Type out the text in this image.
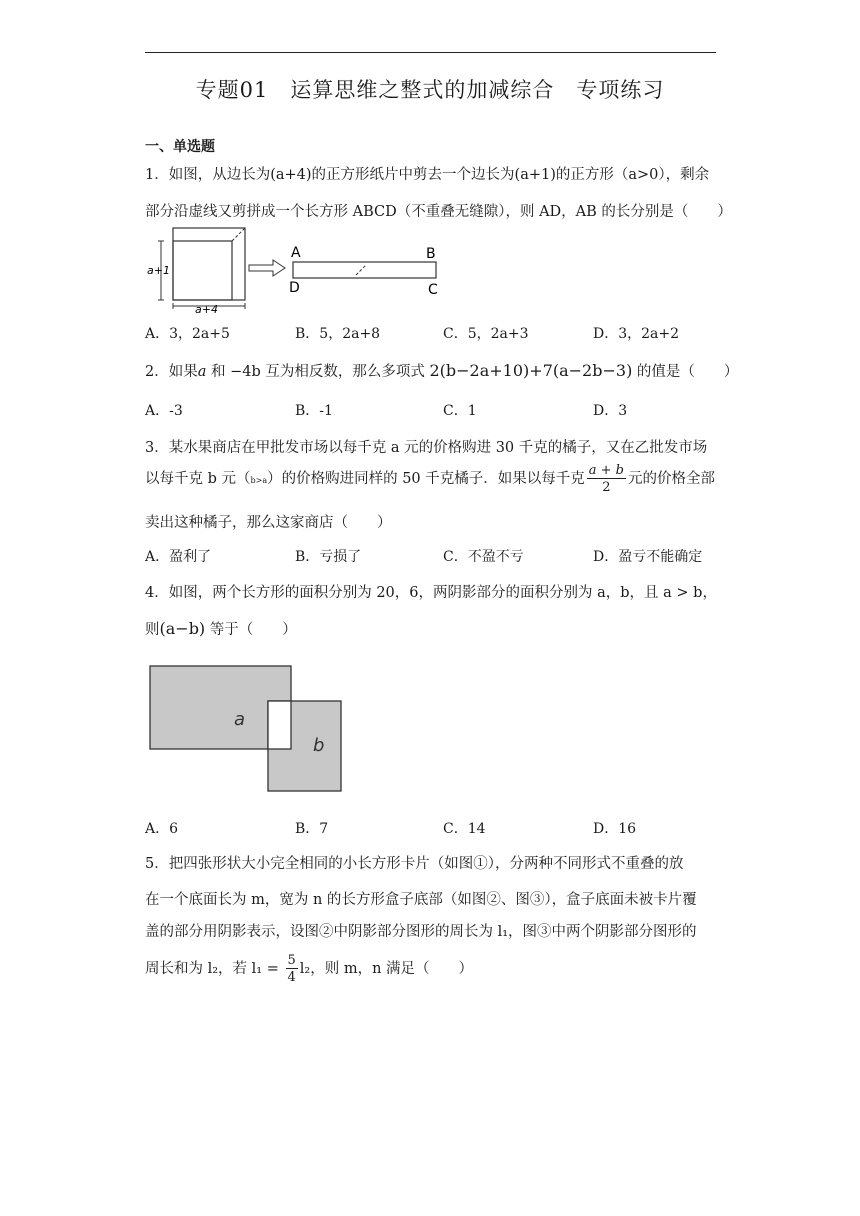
专题01　运算思维之整式的加减综合　专项练习
一、单选题
1．如图，从边长为(a+4)的正方形纸片中剪去一个边长为(a+1)的正方形（a>0），剩余
部分沿虚线又剪拼成一个长方形 ABCD（不重叠无缝隙），则 AD，AB 的长分别是（　　）
a+1
a+4
A	B
D	C
A．3，2a+5	B．5，2a+8	C．5，2a+3	D．3，2a+2
2．如果a 和 −4b 互为相反数，那么多项式 2(b−2a+10)+7(a−2b−3) 的值是（　　）
A．-3	B．-1	C．1	D．3
3．某水果商店在甲批发市场以每千克 a 元的价格购进 30 千克的橘子，又在乙批发市场
以每千克 b 元（b>a）的价格购进同样的 50 千克橘子．如果以每千克 $\frac{a + b}{2}$ 元的价格全部
卖出这种橘子，那么这家商店（　　）
A．盈利了	B．亏损了	C．不盈不亏	D．盈亏不能确定
4．如图，两个长方形的面积分别为 20，6，两阴影部分的面积分别为 a，b，且 a > b，
则(a−b) 等于（　　）
a
b
A．6	B．7	C．14	D．16
5．把四张形状大小完全相同的小长方形卡片（如图①），分两种不同形式不重叠的放
在一个底面长为 m，宽为 n 的长方形盒子底部（如图②、图③），盒子底面未被卡片覆
盖的部分用阴影表示，设图②中阴影部分图形的周长为 l₁，图③中两个阴影部分图形的
周长和为 l₂，若 $l_1 = \frac{5}{4} l_2$，则 m，n 满足（　　）
